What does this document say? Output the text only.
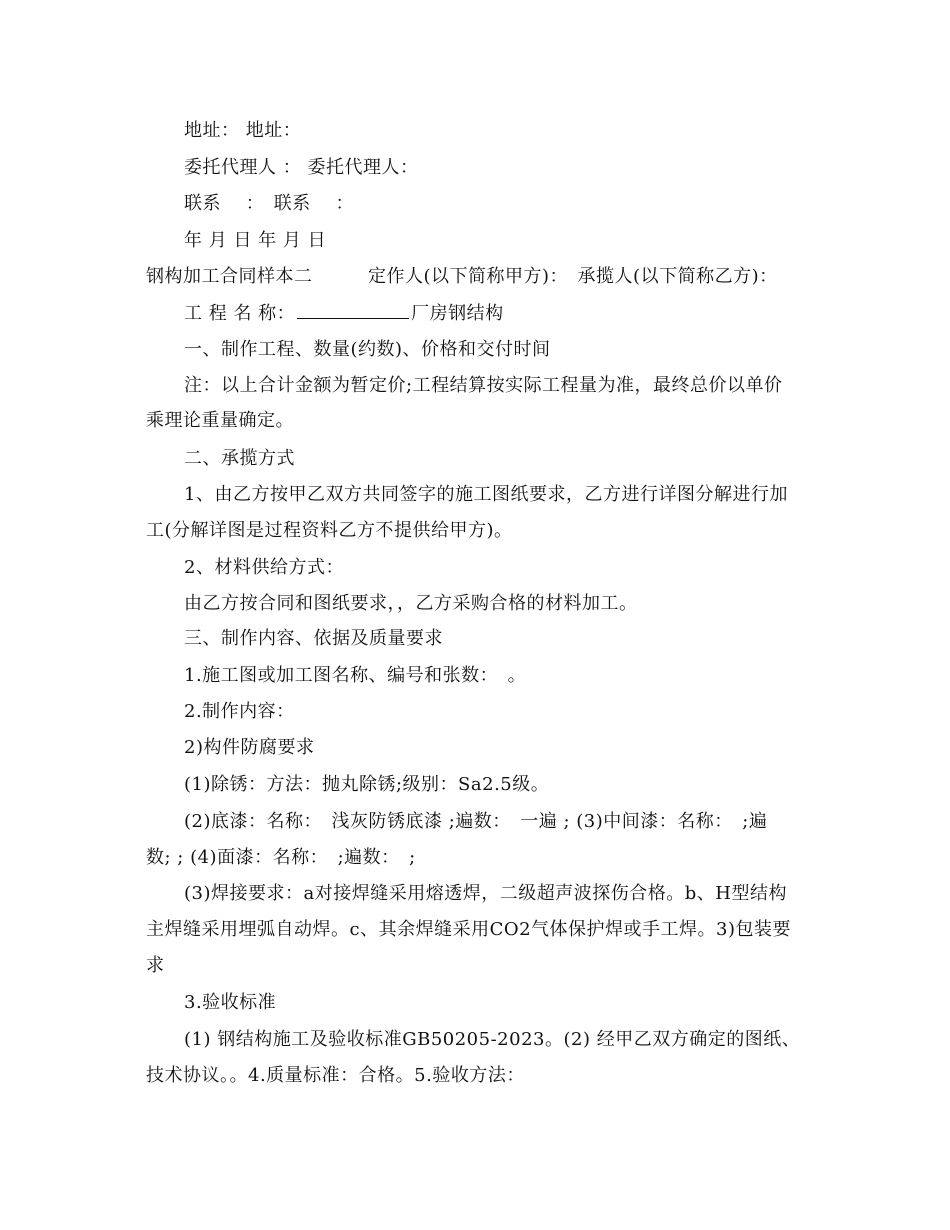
地址： 地址：
委托代理人 ： 委托代理人：
联系　 ：　联系　 ：
年 月 日 年 月 日
钢构加工合同样本二　　　定作人(以下简称甲方)：　承揽人(以下简称乙方)：
工 程 名 称：	厂房钢结构
一、制作工程、数量(约数)、价格和交付时间
注：以上合计金额为暂定价;工程结算按实际工程量为准，最终总价以单价
乘理论重量确定。
二、承揽方式
1、由乙方按甲乙双方共同签字的施工图纸要求，乙方进行详图分解进行加
工(分解详图是过程资料乙方不提供给甲方)。
2、材料供给方式：
由乙方按合同和图纸要求，，乙方采购合格的材料加工。
三、制作内容、依据及质量要求
1.施工图或加工图名称、编号和张数：　。
2.制作内容：
2)构件防腐要求
(1)除锈：方法：抛丸除锈;级别：Sa2.5级。
(2)底漆：名称：　浅灰防锈底漆 ;遍数：　一遍 ; (3)中间漆：名称：　;遍
数; ; (4)面漆：名称：　;遍数：　;
(3)焊接要求：a对接焊缝采用熔透焊，二级超声波探伤合格。b、H型结构
主焊缝采用埋弧自动焊。c、其余焊缝采用CO2气体保护焊或手工焊。3)包装要
求
3.验收标准
(1) 钢结构施工及验收标准GB50205-2023。(2) 经甲乙双方确定的图纸、
技术协议。。4.质量标准：合格。5.验收方法：
